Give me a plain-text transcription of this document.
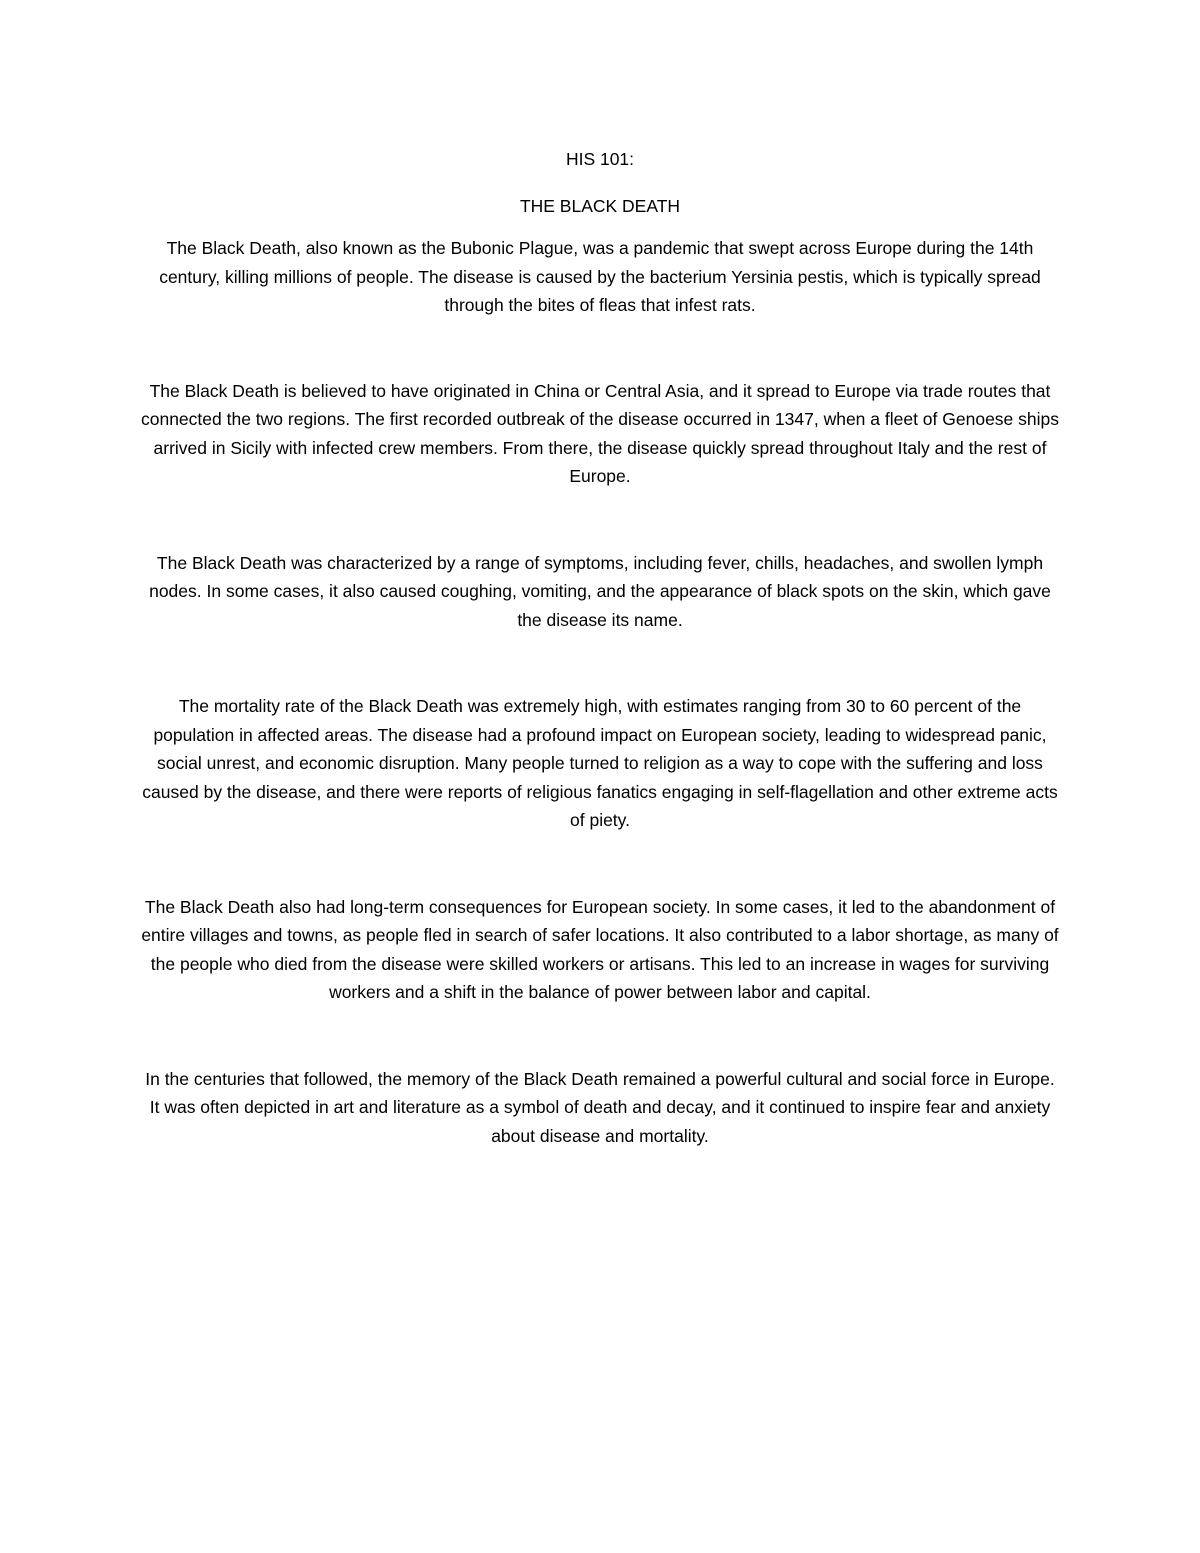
HIS 101:

THE BLACK DEATH

The Black Death, also known as the Bubonic Plague, was a pandemic that swept across Europe during the 14th century, killing millions of people. The disease is caused by the bacterium Yersinia pestis, which is typically spread through the bites of fleas that infest rats.

The Black Death is believed to have originated in China or Central Asia, and it spread to Europe via trade routes that connected the two regions. The first recorded outbreak of the disease occurred in 1347, when a fleet of Genoese ships arrived in Sicily with infected crew members. From there, the disease quickly spread throughout Italy and the rest of Europe.

The Black Death was characterized by a range of symptoms, including fever, chills, headaches, and swollen lymph nodes. In some cases, it also caused coughing, vomiting, and the appearance of black spots on the skin, which gave the disease its name.

The mortality rate of the Black Death was extremely high, with estimates ranging from 30 to 60 percent of the population in affected areas. The disease had a profound impact on European society, leading to widespread panic, social unrest, and economic disruption. Many people turned to religion as a way to cope with the suffering and loss caused by the disease, and there were reports of religious fanatics engaging in self-flagellation and other extreme acts of piety.

The Black Death also had long-term consequences for European society. In some cases, it led to the abandonment of entire villages and towns, as people fled in search of safer locations. It also contributed to a labor shortage, as many of the people who died from the disease were skilled workers or artisans. This led to an increase in wages for surviving workers and a shift in the balance of power between labor and capital.

In the centuries that followed, the memory of the Black Death remained a powerful cultural and social force in Europe. It was often depicted in art and literature as a symbol of death and decay, and it continued to inspire fear and anxiety about disease and mortality.
